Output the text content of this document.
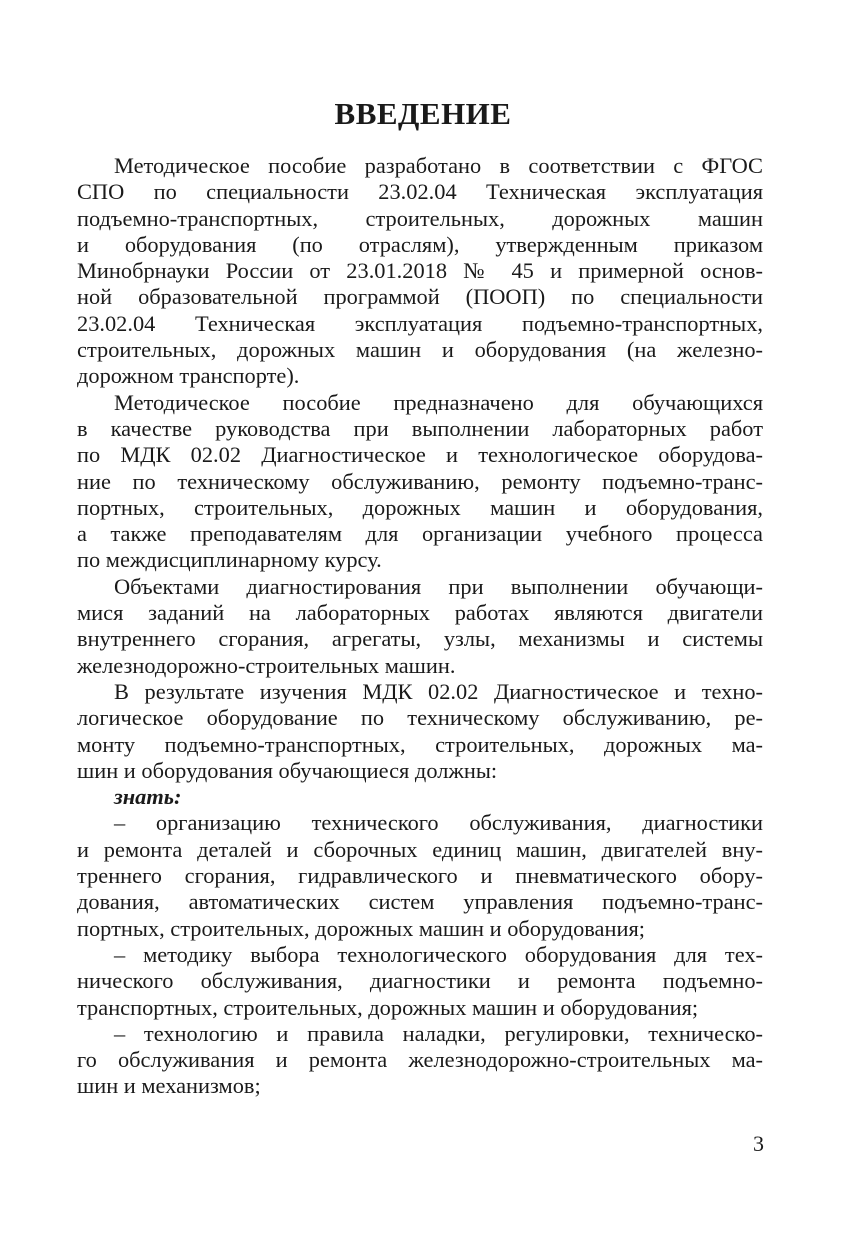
ВВЕДЕНИЕ
Методическое пособие разработано в соответствии с ФГОС
СПО по специальности 23.02.04 Техническая эксплуатация
подъемно-транспортных, строительных, дорожных машин
и оборудования (по отраслям), утвержденным приказом
Минобрнауки России от 23.01.2018 № 45 и примерной основ-
ной образовательной программой (ПООП) по специальности
23.02.04 Техническая эксплуатация подъемно-транспортных,
строительных, дорожных машин и оборудования (на железно-
дорожном транспорте).
Методическое пособие предназначено для обучающихся
в качестве руководства при выполнении лабораторных работ
по МДК 02.02 Диагностическое и технологическое оборудова-
ние по техническому обслуживанию, ремонту подъемно-транс-
портных, строительных, дорожных машин и оборудования,
а также преподавателям для организации учебного процесса
по междисциплинарному курсу.
Объектами диагностирования при выполнении обучающи-
мися заданий на лабораторных работах являются двигатели
внутреннего сгорания, агрегаты, узлы, механизмы и системы
железнодорожно-строительных машин.
В результате изучения МДК 02.02 Диагностическое и техно-
логическое оборудование по техническому обслуживанию, ре-
монту подъемно-транспортных, строительных, дорожных ма-
шин и оборудования обучающиеся должны:
знать:
– организацию технического обслуживания, диагностики
и ремонта деталей и сборочных единиц машин, двигателей вну-
треннего сгорания, гидравлического и пневматического обору-
дования, автоматических систем управления подъемно-транс-
портных, строительных, дорожных машин и оборудования;
– методику выбора технологического оборудования для тех-
нического обслуживания, диагностики и ремонта подъемно-
транспортных, строительных, дорожных машин и оборудования;
– технологию и правила наладки, регулировки, техническо-
го обслуживания и ремонта железнодорожно-строительных ма-
шин и механизмов;
3
